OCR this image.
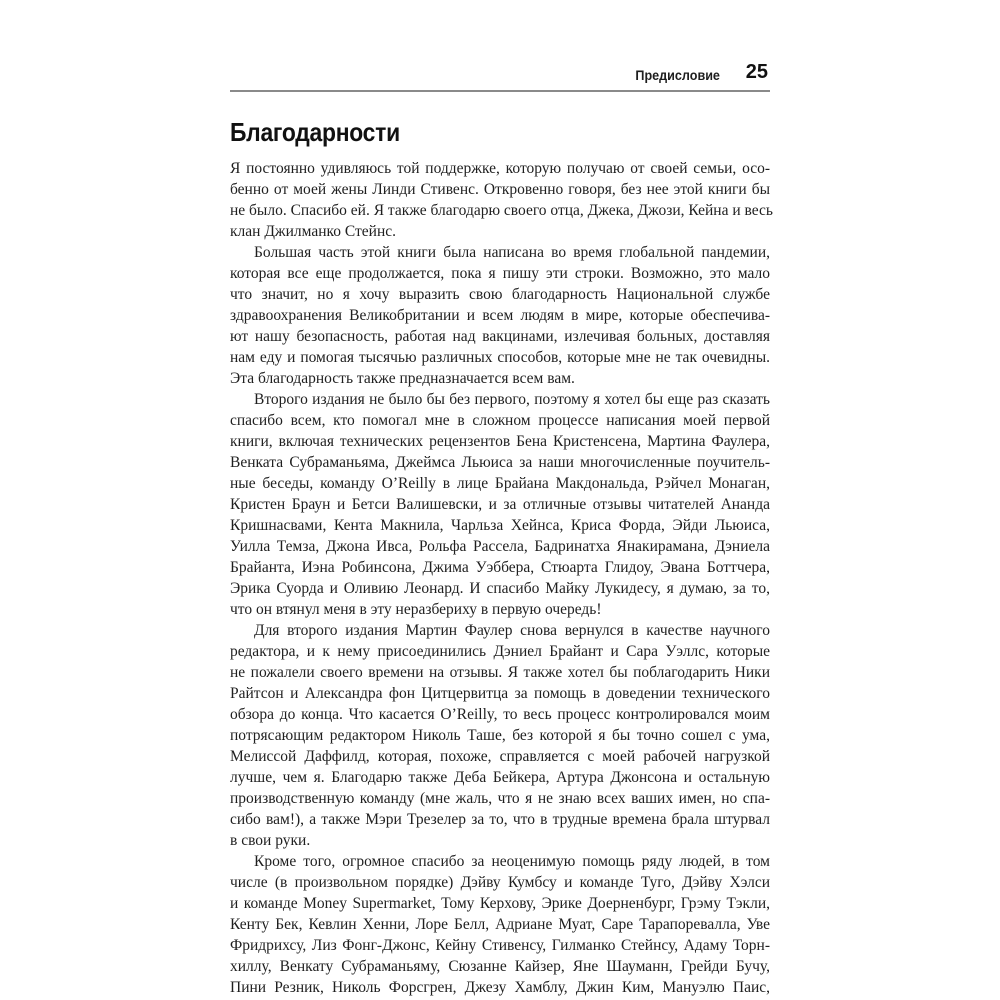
Предисловие 25
Благодарности
Я постоянно удивляюсь той поддержке, которую получаю от своей семьи, осо-
бенно от моей жены Линди Стивенс. Откровенно говоря, без нее этой книги бы
не было. Спасибо ей. Я также благодарю своего отца, Джека, Джози, Кейна и весь
клан Джилманко Стейнс.
Большая часть этой книги была написана во время глобальной пандемии,
которая все еще продолжается, пока я пишу эти строки. Возможно, это мало
что значит, но я хочу выразить свою благодарность Национальной службе
здравоохранения Великобритании и всем людям в мире, которые обеспечива-
ют нашу безопасность, работая над вакцинами, излечивая больных, доставляя
нам еду и помогая тысячью различных способов, которые мне не так очевидны.
Эта благодарность также предназначается всем вам.
Второго издания не было бы без первого, поэтому я хотел бы еще раз сказать
спасибо всем, кто помогал мне в сложном процессе написания моей первой
книги, включая технических рецензентов Бена Кристенсена, Мартина Фаулера,
Венката Субраманьяма, Джеймса Льюиса за наши многочисленные поучитель-
ные беседы, команду O’Reilly в лице Брайана Макдональда, Рэйчел Монаган,
Кристен Браун и Бетси Валишевски, и за отличные отзывы читателей Ананда
Кришнасвами, Кента Макнила, Чарльза Хейнса, Криса Форда, Эйди Льюиса,
Уилла Темза, Джона Ивса, Рольфа Рассела, Бадринатха Янакирамана, Дэниела
Брайанта, Иэна Робинсона, Джима Уэббера, Стюарта Глидоу, Эвана Боттчера,
Эрика Суорда и Оливию Леонард. И спасибо Майку Лукидесу, я думаю, за то,
что он втянул меня в эту неразбериху в первую очередь!
Для второго издания Мартин Фаулер снова вернулся в качестве научного
редактора, и к нему присоединились Дэниел Брайант и Сара Уэллс, которые
не пожалели своего времени на отзывы. Я также хотел бы поблагодарить Ники
Райтсон и Александра фон Цитцервитца за помощь в доведении технического
обзора до конца. Что касается O’Reilly, то весь процесс контролировался моим
потрясающим редактором Николь Таше, без которой я бы точно сошел с ума,
Мелиссой Даффилд, которая, похоже, справляется с моей рабочей нагрузкой
лучше, чем я. Благодарю также Деба Бейкера, Артура Джонсона и остальную
производственную команду (мне жаль, что я не знаю всех ваших имен, но спа-
сибо вам!), а также Мэри Трезелер за то, что в трудные времена брала штурвал
в свои руки.
Кроме того, огромное спасибо за неоценимую помощь ряду людей, в том
числе (в произвольном порядке) Дэйву Кумбсу и команде Туго, Дэйву Хэлси
и команде Money Supermarket, Тому Керхову, Эрике Доерненбург, Грэму Тэкли,
Кенту Бек, Кевлин Хенни, Лоре Белл, Адриане Муат, Саре Тарапоревалла, Уве
Фридрихсу, Лиз Фонг-Джонс, Кейну Стивенсу, Гилманко Стейнсу, Адаму Торн-
хиллу, Венкату Субраманьяму, Сюзанне Кайзер, Яне Шауманн, Грейди Бучу,
Пини Резник, Николь Форсгрен, Джезу Хамблу, Джин Ким, Мануэлю Паис,
